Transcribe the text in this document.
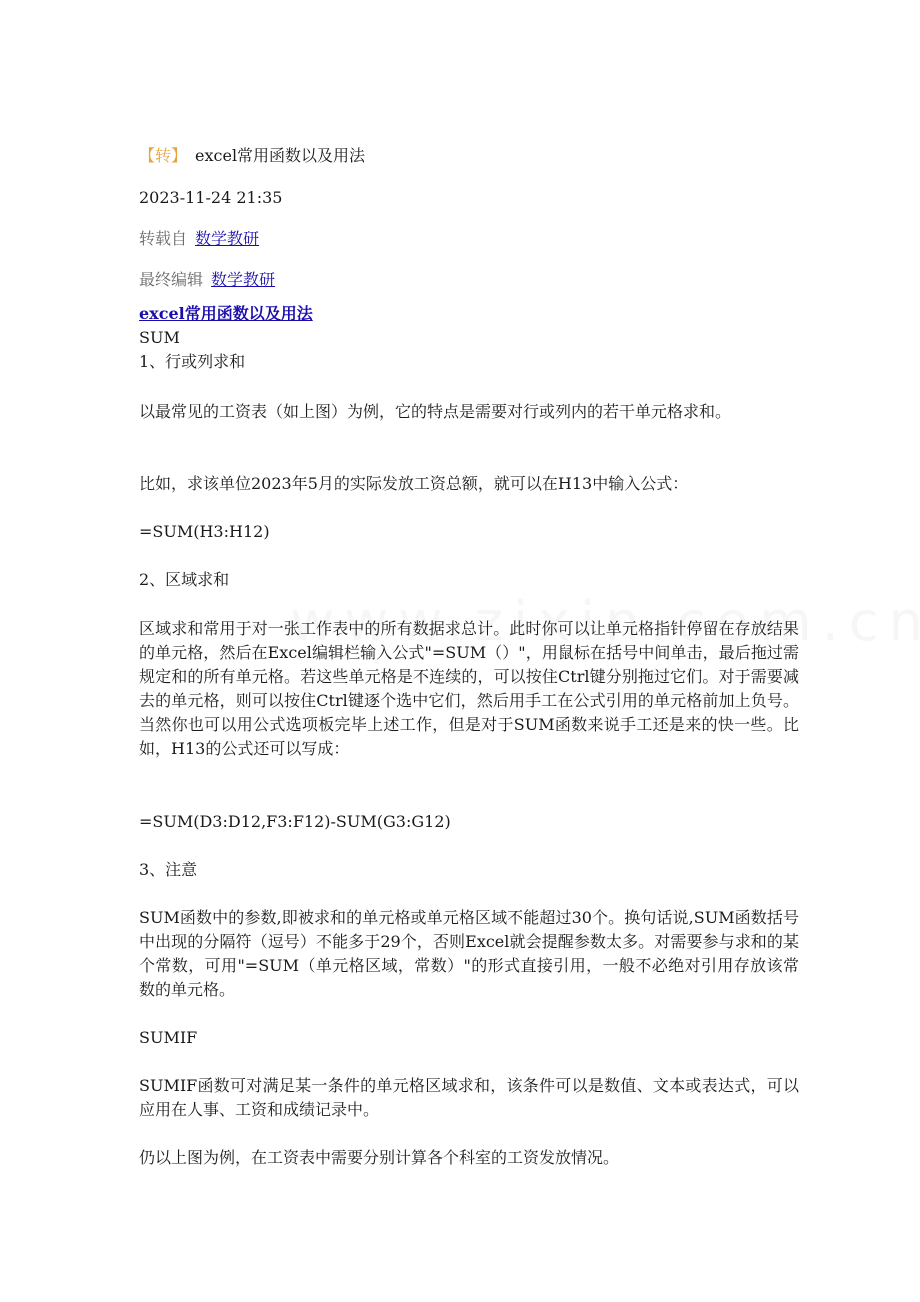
【转】 excel常用函数以及用法
2023-11-24 21:35
转载自 数学教研
最终编辑 数学教研
excel常用函数以及用法

SUM

1、行或列求和

以最常见的工资表（如上图）为例，它的特点是需要对行或列内的若干单元格求和。

比如，求该单位2023年5月的实际发放工资总额，就可以在H13中输入公式：

=SUM(H3:H12)

2、区域求和

区域求和常用于对一张工作表中的所有数据求总计。此时你可以让单元格指针停留在存放结果的单元格，然后在Excel编辑栏输入公式"=SUM（）"，用鼠标在括号中间单击，最后拖过需规定和的所有单元格。若这些单元格是不连续的，可以按住Ctrl键分别拖过它们。对于需要减去的单元格，则可以按住Ctrl键逐个选中它们，然后用手工在公式引用的单元格前加上负号。当然你也可以用公式选项板完毕上述工作，但是对于SUM函数来说手工还是来的快一些。比如，H13的公式还可以写成：

=SUM(D3:D12,F3:F12)-SUM(G3:G12)

3、注意

SUM函数中的参数,即被求和的单元格或单元格区域不能超过30个。换句话说,SUM函数括号中出现的分隔符（逗号）不能多于29个，否则Excel就会提醒参数太多。对需要参与求和的某个常数，可用"=SUM（单元格区域，常数）"的形式直接引用，一般不必绝对引用存放该常数的单元格。

SUMIF

SUMIF函数可对满足某一条件的单元格区域求和，该条件可以是数值、文本或表达式，可以应用在人事、工资和成绩记录中。

仍以上图为例，在工资表中需要分别计算各个科室的工资发放情况。
